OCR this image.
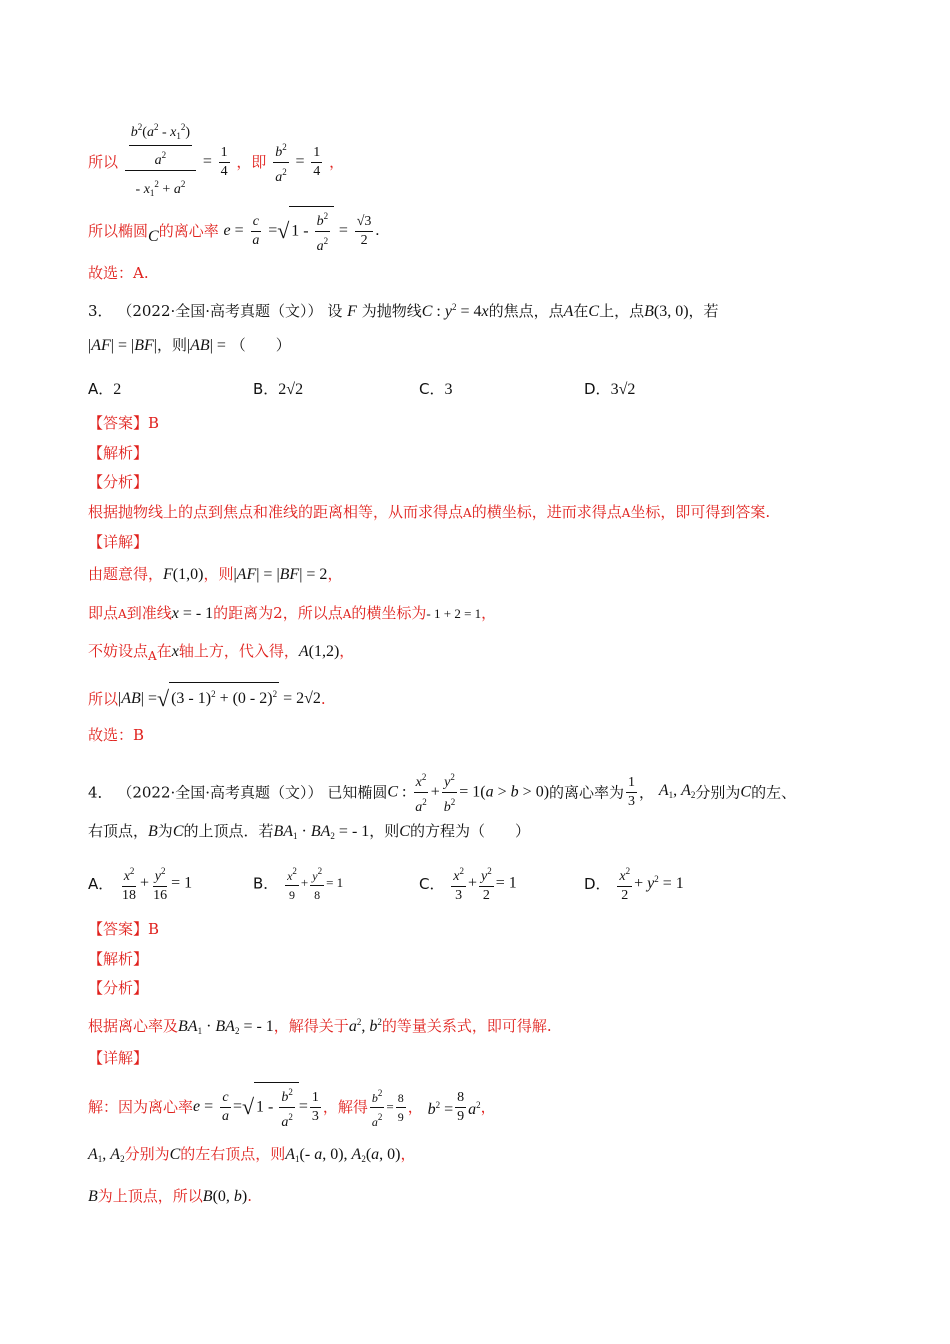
所以 $\frac{\frac{b^2(a^2 - x_1^2)}{a^2}}{- x_1^2 + a^2} = \frac{1}{4}$ ，即 $\frac{b^2}{a^2} = \frac{1}{4}$ ，
所以椭圆C的离心率 $e = \frac{c}{a}$ =√ $1 - \frac{b^2}{a^2} = \frac{√3}{2}$ .
故选：A.
3． （2022·全国·高考真题（文）） 设 F 为抛物线C : $y^2 = 4x$的焦点，点A在C上，点B(3, 0)，若
|AF| = |BF|，则|AB| = （　　）
A．2	B．2√2	C．3	D．3√2
【答案】B
【解析】
【分析】
根据抛物线上的点到焦点和准线的距离相等，从而求得点A的横坐标，进而求得点A坐标，即可得到答案.
【详解】
由题意得，F(1,0)，则|AF| = |BF| = 2，
即点A到准线x = - 1的距离为2，所以点A的横坐标为- 1 + 2 = 1，
不妨设点$_A$在x轴上方，代入得，A(1,2)，
所以|AB| =√ (3 - 1)$^2$ + (0 - 2)$^2$ = 2√2.
故选：B
4． （2022·全国·高考真题（文）） 已知椭圆C : $\frac{x^2}{a^2} + \frac{y^2}{b^2} = 1(a > b > 0)$的离心率为 $\frac{1}{3}$ ， $A_1$, $A_2$分别为C的左、
右顶点，B为C的上顶点．若$BA_1 \cdot BA_2$ = - 1，则C的方程为（　　）
A． $\frac{x^2}{18} + \frac{y^2}{16} = 1$	B． $\frac{x^2}{9} + \frac{y^2}{8} = 1$	C． $\frac{x^2}{3} + \frac{y^2}{2} = 1$	D． $\frac{x^2}{2} + y^2 = 1$
【答案】B
【解析】
【分析】
根据离心率及$BA_1 \cdot BA_2$ = - 1，解得关于$a^2$, $b^2$的等量关系式，即可得解.
【详解】
解：因为离心率$e = \frac{c}{a}$ =√ $1 - \frac{b^2}{a^2} = \frac{1}{3}$ ，解得 $\frac{b^2}{a^2} = \frac{8}{9}$ ， $b^2 = \frac{8}{9} a^2$，
$A_1$, $A_2$分别为C的左右顶点，则$A_1(-$ a, 0), $A_2(a$, 0)，
B为上顶点，所以B(0, b).
